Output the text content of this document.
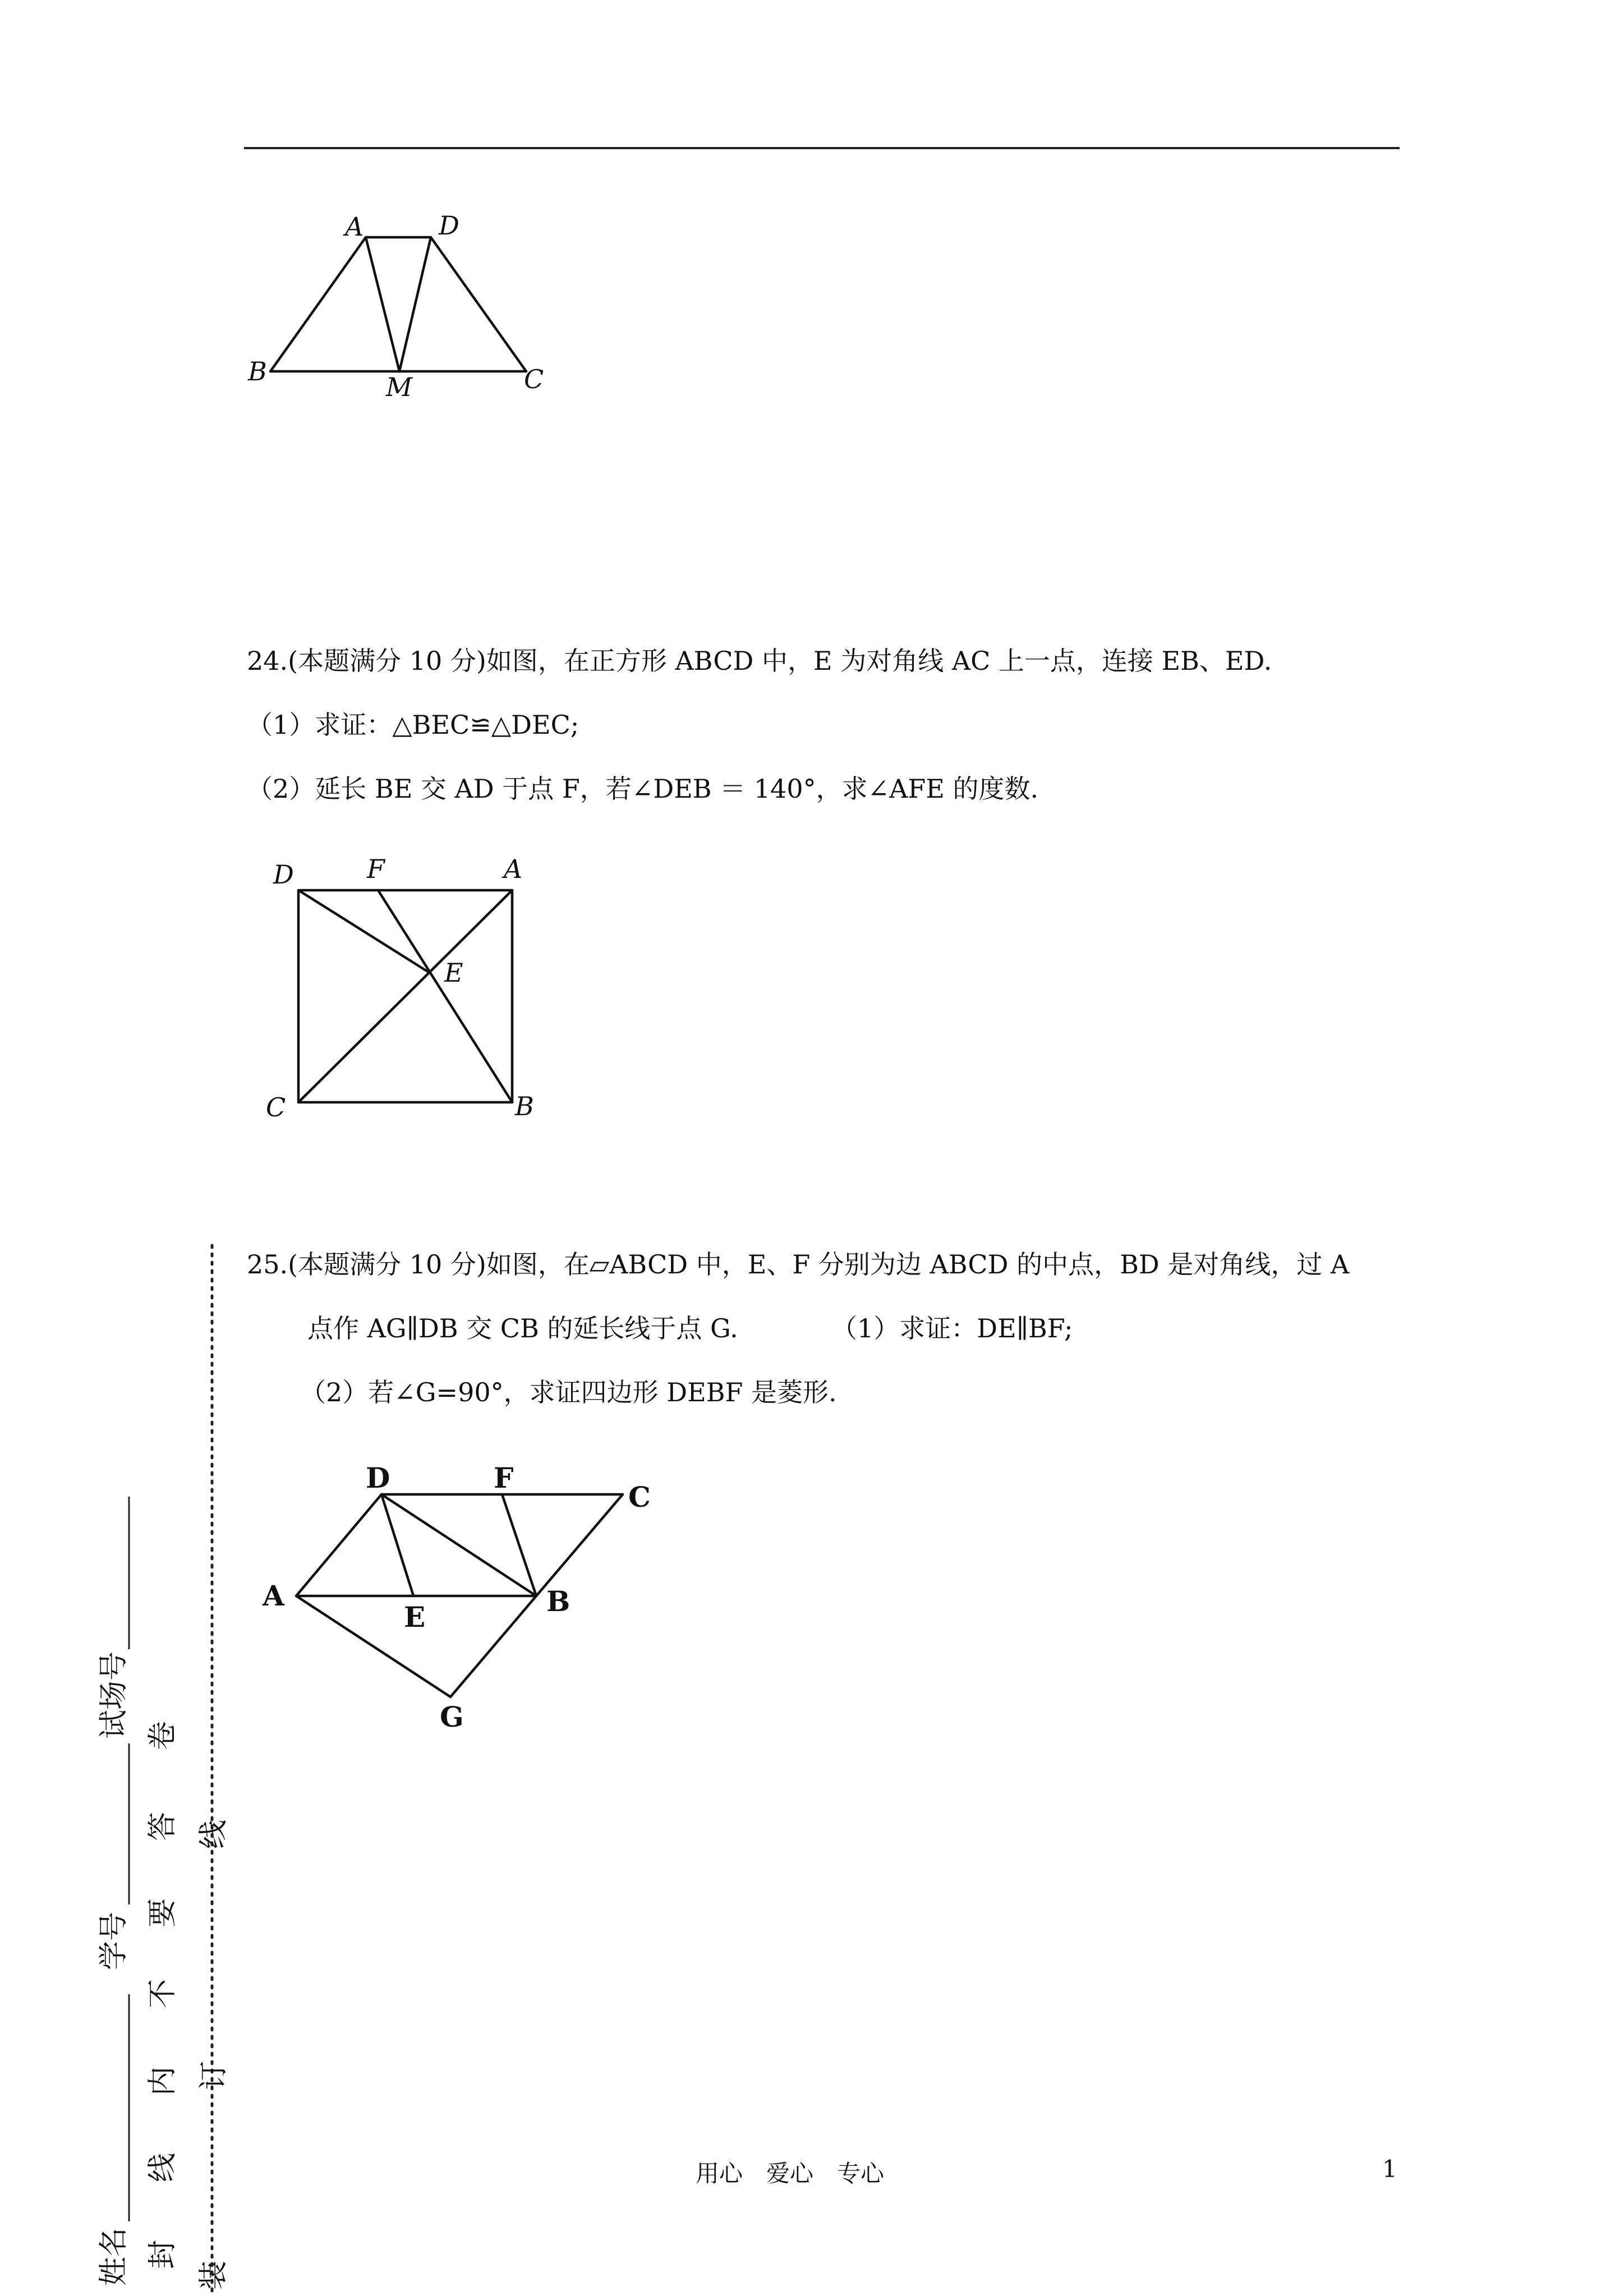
A	D
B
M	C
24.(本题满分 10 分)如图，在正方形 ABCD 中，E 为对角线 AC 上一点，连接 EB、ED.
（1）求证：△BEC≌△DEC;
（2）延长 BE 交 AD 于点 F，若∠DEB ＝ 140°，求∠AFE 的度数.
D	F	A
E
C	B
25.(本题满分 10 分)如图，在▱ABCD 中，E、F 分别为边 ABCD 的中点，BD 是对角线，过 A
点作 AG∥DB 交 CB 的延长线于点 G.	（1）求证：DE∥BF;
（2）若∠G=90°，求证四边形 DEBF 是菱形.
D	F
C
A
E	B
G
用心　爱心　专心	1
试场号
学号
姓名
卷
答
要
不
内
线
封
线
订
装
